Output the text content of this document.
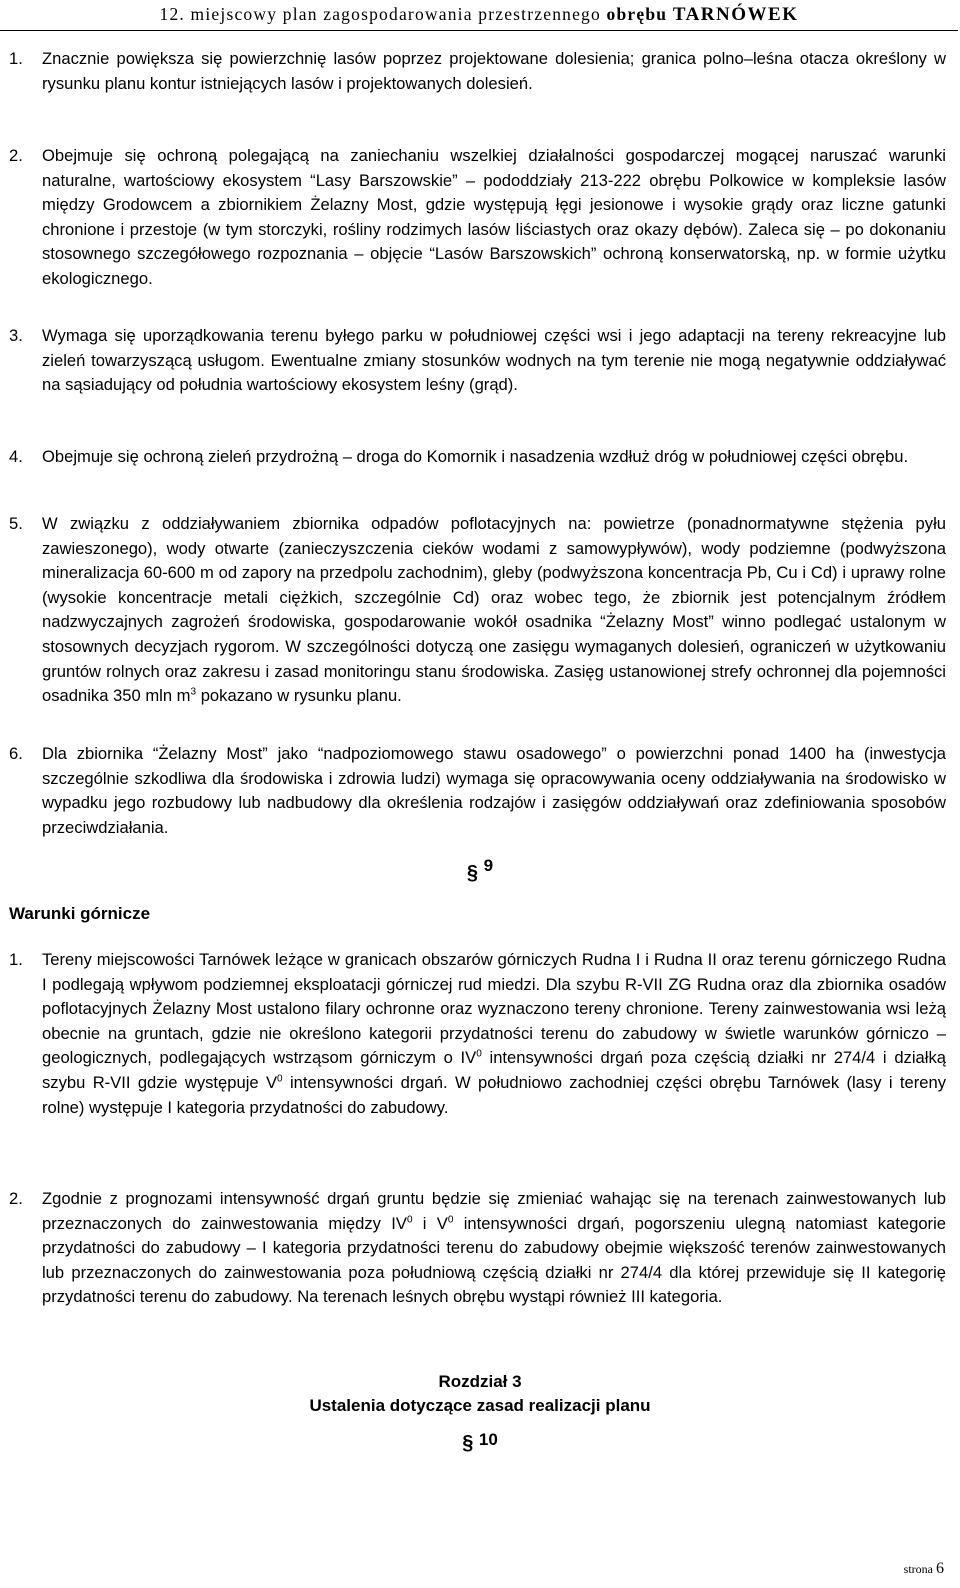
12. miejscowy plan zagospodarowania przestrzennego obrębu TARNÓWEK
1. Znacznie powiększa się powierzchnię lasów poprzez projektowane dolesienia; granica polno–leśna otacza określony w rysunku planu kontur istniejących lasów i projektowanych dolesień.
2. Obejmuje się ochroną polegającą na zaniechaniu wszelkiej działalności gospodarczej mogącej naruszać warunki naturalne, wartościowy ekosystem “Lasy Barszowskie” – pododdziały 213-222 obrębu Polkowice w kompleksie lasów między Grodowcem a zbiornikiem Żelazny Most, gdzie występują łęgi jesionowe i wysokie grądy oraz liczne gatunki chronione i przestoje (w tym storczyki, rośliny rodzimych lasów liściastych oraz okazy dębów). Zaleca się – po dokonaniu stosownego szczegółowego rozpoznania – objęcie “Lasów Barszowskich” ochroną konserwatorską, np. w formie użytku ekologicznego.
3. Wymaga się uporządkowania terenu byłego parku w południowej części wsi i jego adaptacji na tereny rekreacyjne lub zieleń towarzyszącą usługom. Ewentualne zmiany stosunków wodnych na tym terenie nie mogą negatywnie oddziaływać na sąsiadujący od południa wartościowy ekosystem leśny (grąd).
4. Obejmuje się ochroną zieleń przydrożną – droga do Komornik i nasadzenia wzdłuż dróg w południowej części obrębu.
5. W związku z oddziaływaniem zbiornika odpadów poflotacyjnych na: powietrze (ponadnormatywne stężenia pyłu zawieszonego), wody otwarte (zanieczyszczenia cieków wodami z samowypływów), wody podziemne (podwyższona mineralizacja 60-600 m od zapory na przedpolu zachodnim), gleby (podwyższona koncentracja Pb, Cu i Cd) i uprawy rolne (wysokie koncentracje metali ciężkich, szczególnie Cd) oraz wobec tego, że zbiornik jest potencjalnym źródłem nadzwyczajnych zagrożeń środowiska, gospodarowanie wokół osadnika “Żelazny Most” winno podlegać ustalonym w stosownych decyzjach rygorom. W szczególności dotyczą one zasięgu wymaganych dolesień, ograniczeń w użytkowaniu gruntów rolnych oraz zakresu i zasad monitoringu stanu środowiska. Zasięg ustanowionej strefy ochronnej dla pojemności osadnika 350 mln $m^3$ pokazano w rysunku planu.
6. Dla zbiornika “Żelazny Most” jako “nadpoziomowego stawu osadowego” o powierzchni ponad 1400 ha (inwestycja szczególnie szkodliwa dla środowiska i zdrowia ludzi) wymaga się opracowywania oceny oddziaływania na środowisko w wypadku jego rozbudowy lub nadbudowy dla określenia rodzajów i zasięgów oddziaływań oraz zdefiniowania sposobów przeciwdziałania.
§ $^9$
Warunki górnicze
1. Tereny miejscowości Tarnówek leżące w granicach obszarów górniczych Rudna I i Rudna II oraz terenu górniczego Rudna I podlegają wpływom podziemnej eksploatacji górniczej rud miedzi. Dla szybu R-VII ZG Rudna oraz dla zbiornika osadów poflotacyjnych Żelazny Most ustalono filary ochronne oraz wyznaczono tereny chronione. Tereny zainwestowania wsi leżą obecnie na gruntach, gdzie nie określono kategorii przydatności terenu do zabudowy w świetle warunków górniczo – geologicznych, podlegających wstrząsom górniczym o $IV^0$ intensywności drgań poza częścią działki nr 274/4 i działką szybu R-VII gdzie występuje $V^0$ intensywności drgań. W południowo zachodniej części obrębu Tarnówek (lasy i tereny rolne) występuje I kategoria przydatności do zabudowy.
2. Zgodnie z prognozami intensywność drgań gruntu będzie się zmieniać wahając się na terenach zainwestowanych lub przeznaczonych do zainwestowania między $IV^0$ i $V^0$ intensywności drgań, pogorszeniu ulegną natomiast kategorie przydatności do zabudowy – I kategoria przydatności terenu do zabudowy obejmie większość terenów zainwestowanych lub przeznaczonych do zainwestowania poza południową częścią działki nr 274/4 dla której przewiduje się II kategorię przydatności terenu do zabudowy. Na terenach leśnych obrębu wystąpi również III kategoria.
Rozdział 3
Ustalenia dotyczące zasad realizacji planu
§ $^{10}$
strona 6
